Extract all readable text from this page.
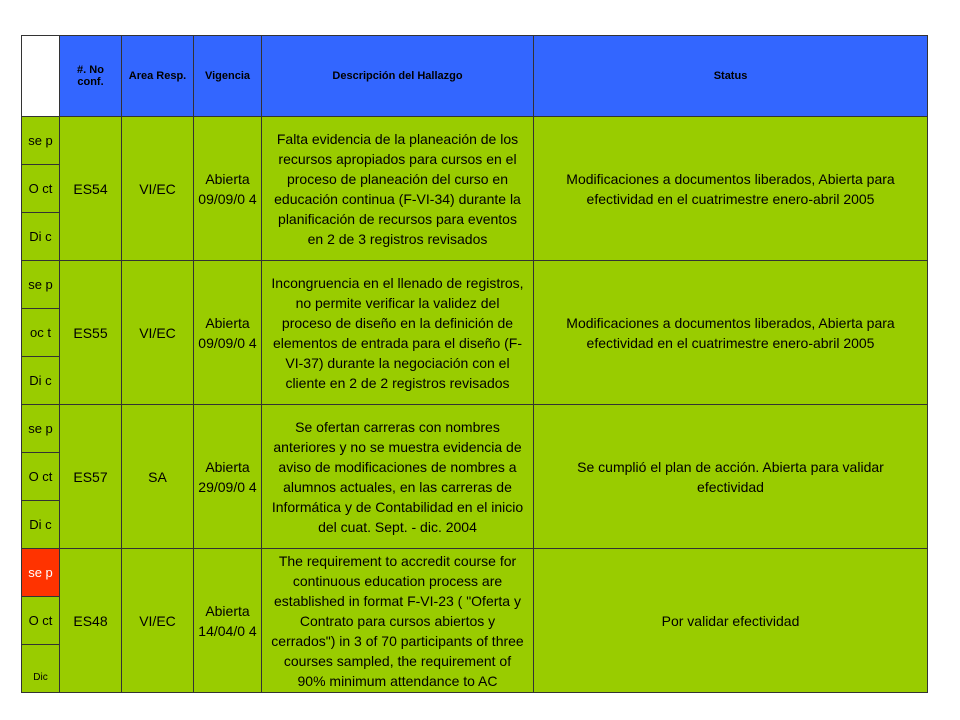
	#. No conf.	Area Resp.	Vigencia	Descripción del Hallazgo	Status
se p	ES54	VI/EC	Abierta 09/09/0 4	Falta evidencia de la planeación de los recursos apropiados para cursos en el proceso de planeación del curso en educación continua (F-VI-34) durante la planificación de recursos para eventos en 2 de 3 registros revisados	Modificaciones a documentos liberados, Abierta para efectividad en el cuatrimestre enero-abril 2005
O ct					
Di c					
se p	ES55	VI/EC	Abierta 09/09/0 4	Incongruencia en el llenado de registros, no permite verificar la validez del proceso de diseño en la definición de elementos de entrada para el diseño (F-VI-37) durante la negociación con el cliente en 2 de 2 registros revisados	Modificaciones a documentos liberados, Abierta para efectividad en el cuatrimestre enero-abril 2005
oc t					
Di c					
se p	ES57	SA	Abierta 29/09/0 4	Se ofertan carreras con nombres anteriores y no se muestra evidencia de aviso de modificaciones de nombres a alumnos actuales, en las carreras de Informática y de Contabilidad en el inicio del cuat. Sept. - dic. 2004	Se cumplió el plan de acción. Abierta para validar efectividad
O ct					
Di c					
se p	ES48	VI/EC	Abierta 14/04/0 4	The requirement to accredit course for continuous education process are established in format F-VI-23 ( "Oferta y Contrato para cursos abiertos y cerrados") in 3 of 70 participants of three courses sampled, the requirement of 90% minimum attendance to AC	Por validar efectividad
O ct					
Dic					
